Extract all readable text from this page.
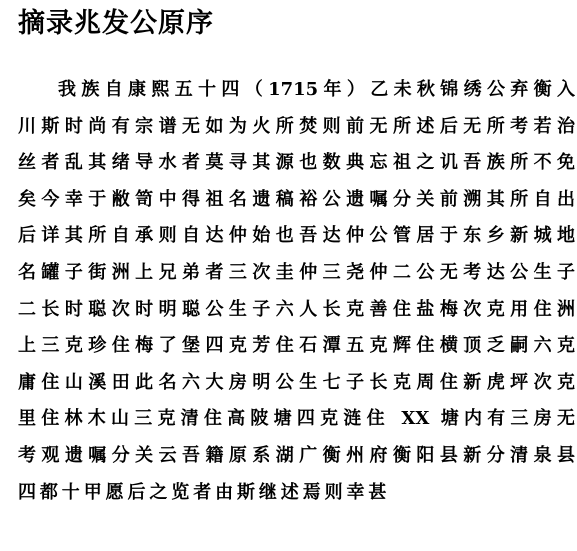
摘录兆发公原序
我族自康熙五十四（1715年）乙未秋锦绣公弃衡入
川斯时尚有宗谱无如为火所焚则前无所述后无所考若治
丝者乱其绪导水者莫寻其源也数典忘祖之讥吾族所不免
矣今幸于敝笥中得祖名遗稿裕公遗嘱分关前溯其所自出
后详其所自承则自达仲始也吾达仲公管居于东乡新城地
名罐子街洲上兄弟者三次圭仲三尧仲二公无考达公生子
二长时聪次时明聪公生子六人长克善住盐梅次克用住洲
上三克珍住梅了堡四克芳住石潭五克辉住横顶乏嗣六克
庸住山溪田此名六大房明公生七子长克周住新虎坪次克
里住林木山三克清住高陂塘四克涟住 XX 塘内有三房无
考观遗嘱分关云吾籍原系湖广衡州府衡阳县新分清泉县
四都十甲愿后之览者由斯继述焉则幸甚
